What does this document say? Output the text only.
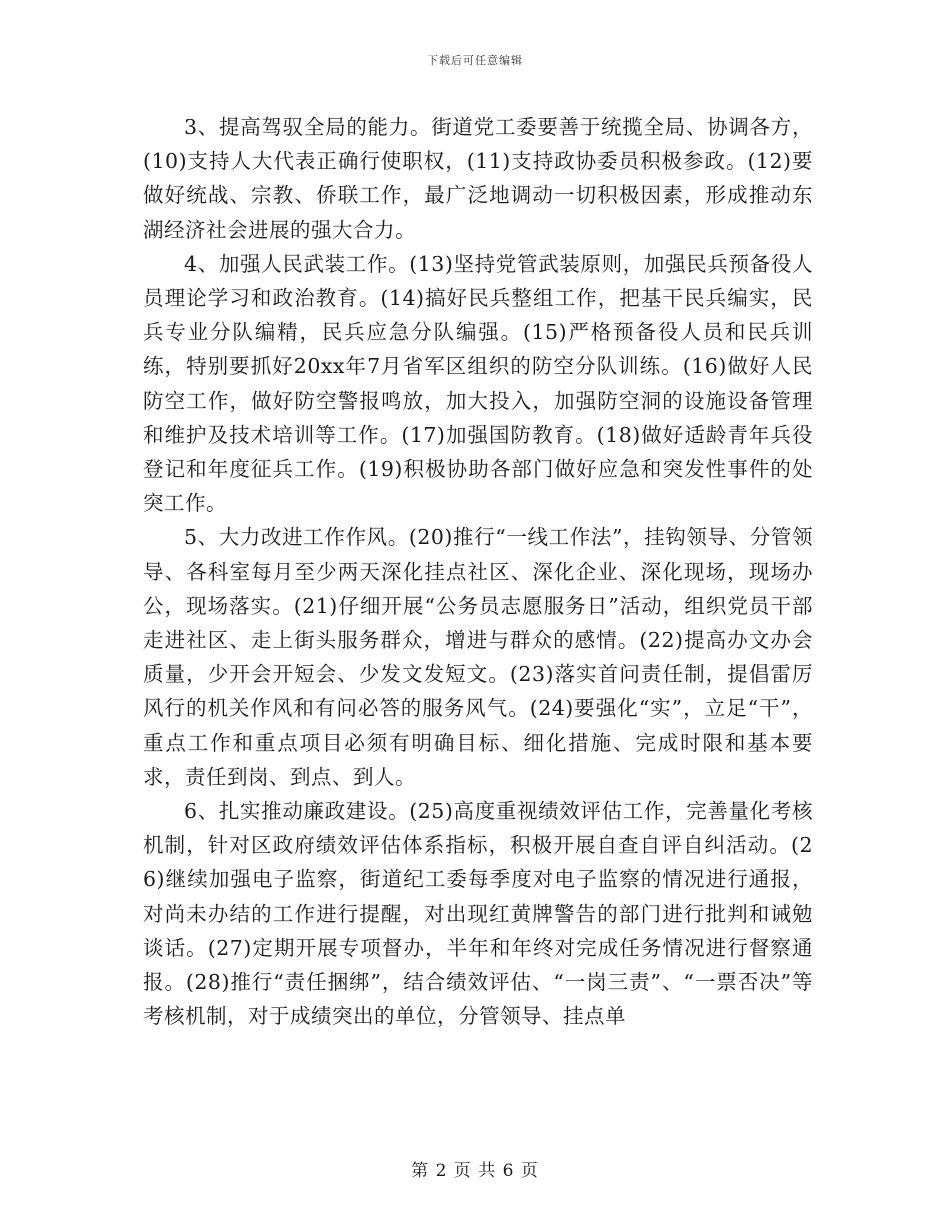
下载后可任意编辑

3、提高驾驭全局的能力。街道党工委要善于统揽全局、协调各方，(10)支持人大代表正确行使职权，(11)支持政协委员积极参政。(12)要做好统战、宗教、侨联工作，最广泛地调动一切积极因素，形成推动东湖经济社会进展的强大合力。

4、加强人民武装工作。(13)坚持党管武装原则，加强民兵预备役人员理论学习和政治教育。(14)搞好民兵整组工作，把基干民兵编实，民兵专业分队编精，民兵应急分队编强。(15)严格预备役人员和民兵训练，特别要抓好20xx年7月省军区组织的防空分队训练。(16)做好人民防空工作，做好防空警报鸣放，加大投入，加强防空洞的设施设备管理和维护及技术培训等工作。(17)加强国防教育。(18)做好适龄青年兵役登记和年度征兵工作。(19)积极协助各部门做好应急和突发性事件的处突工作。

5、大力改进工作作风。(20)推行“一线工作法”，挂钩领导、分管领导、各科室每月至少两天深化挂点社区、深化企业、深化现场，现场办公，现场落实。(21)仔细开展“公务员志愿服务日”活动，组织党员干部走进社区、走上街头服务群众，增进与群众的感情。(22)提高办文办会质量，少开会开短会、少发文发短文。(23)落实首问责任制，提倡雷厉风行的机关作风和有问必答的服务风气。(24)要强化“实”，立足“干”，重点工作和重点项目必须有明确目标、细化措施、完成时限和基本要求，责任到岗、到点、到人。

6、扎实推动廉政建设。(25)高度重视绩效评估工作，完善量化考核机制，针对区政府绩效评估体系指标，积极开展自查自评自纠活动。(26)继续加强电子监察，街道纪工委每季度对电子监察的情况进行通报，对尚未办结的工作进行提醒，对出现红黄牌警告的部门进行批判和诫勉谈话。(27)定期开展专项督办，半年和年终对完成任务情况进行督察通报。(28)推行“责任捆绑”，结合绩效评估、“一岗三责”、“一票否决”等考核机制，对于成绩突出的单位，分管领导、挂点单

第 2 页 共 6 页
